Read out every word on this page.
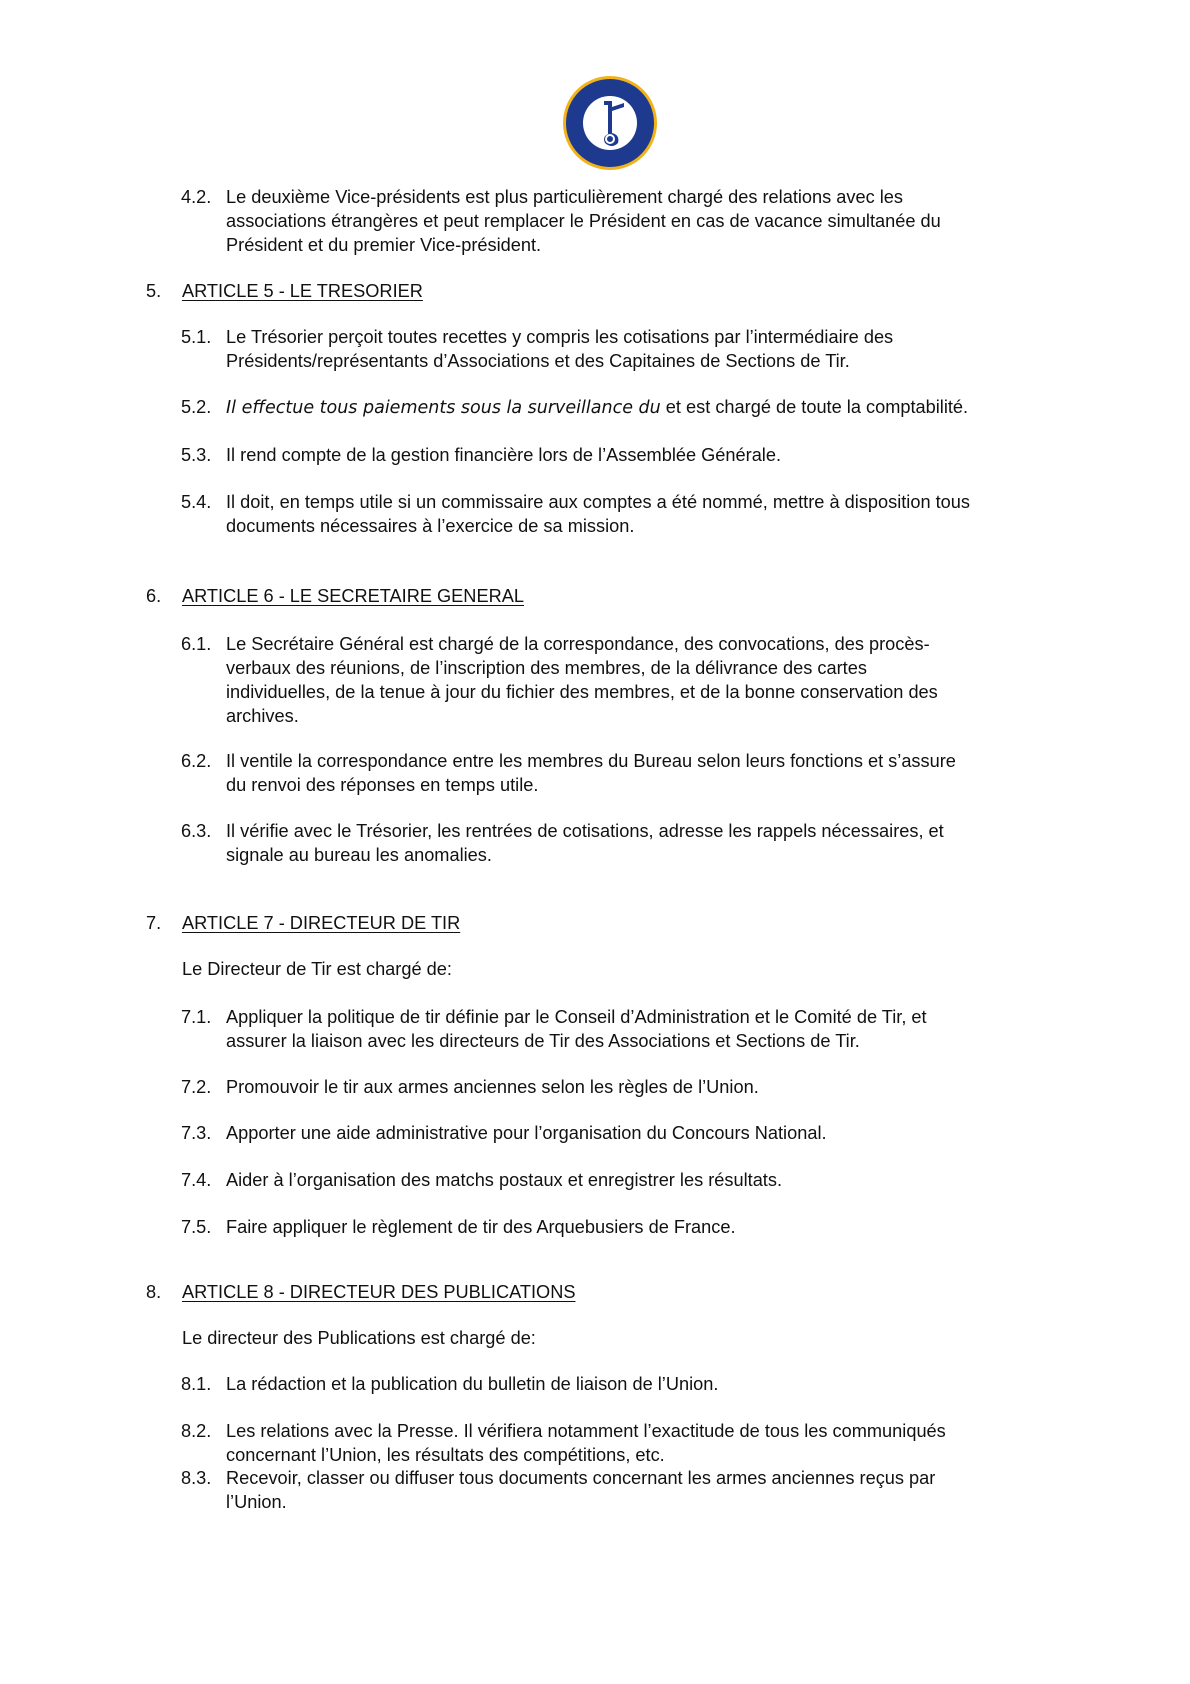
4.2. Le deuxième Vice-présidents est plus particulièrement chargé des relations avec les
associations étrangères et peut remplacer le Président en cas de vacance simultanée du
Président et du premier Vice-président.
5. ARTICLE 5 - LE TRESORIER
5.1. Le Trésorier perçoit toutes recettes y compris les cotisations par l’intermédiaire des
Présidents/représentants d’Associations et des Capitaines de Sections de Tir.
5.2. Il effectue tous paiements sous la surveillance du et est chargé de toute la comptabilité.
5.3. Il rend compte de la gestion financière lors de l’Assemblée Générale.
5.4. Il doit, en temps utile si un commissaire aux comptes a été nommé, mettre à disposition tous
documents nécessaires à l’exercice de sa mission.
6. ARTICLE 6 - LE SECRETAIRE GENERAL
6.1. Le Secrétaire Général est chargé de la correspondance, des convocations, des procès-
verbaux des réunions, de l’inscription des membres, de la délivrance des cartes
individuelles, de la tenue à jour du fichier des membres, et de la bonne conservation des
archives.
6.2. Il ventile la correspondance entre les membres du Bureau selon leurs fonctions et s’assure
du renvoi des réponses en temps utile.
6.3. Il vérifie avec le Trésorier, les rentrées de cotisations, adresse les rappels nécessaires, et
signale au bureau les anomalies.
7. ARTICLE 7 - DIRECTEUR DE TIR
Le Directeur de Tir est chargé de:
7.1. Appliquer la politique de tir définie par le Conseil d’Administration et le Comité de Tir, et
assurer la liaison avec les directeurs de Tir des Associations et Sections de Tir.
7.2. Promouvoir le tir aux armes anciennes selon les règles de l’Union.
7.3. Apporter une aide administrative pour l’organisation du Concours National.
7.4. Aider à l’organisation des matchs postaux et enregistrer les résultats.
7.5. Faire appliquer le règlement de tir des Arquebusiers de France.
8. ARTICLE 8 - DIRECTEUR DES PUBLICATIONS
Le directeur des Publications est chargé de:
8.1. La rédaction et la publication du bulletin de liaison de l’Union.
8.2. Les relations avec la Presse. Il vérifiera notamment l’exactitude de tous les communiqués
concernant l’Union, les résultats des compétitions, etc.
8.3. Recevoir, classer ou diffuser tous documents concernant les armes anciennes reçus par
l’Union.
